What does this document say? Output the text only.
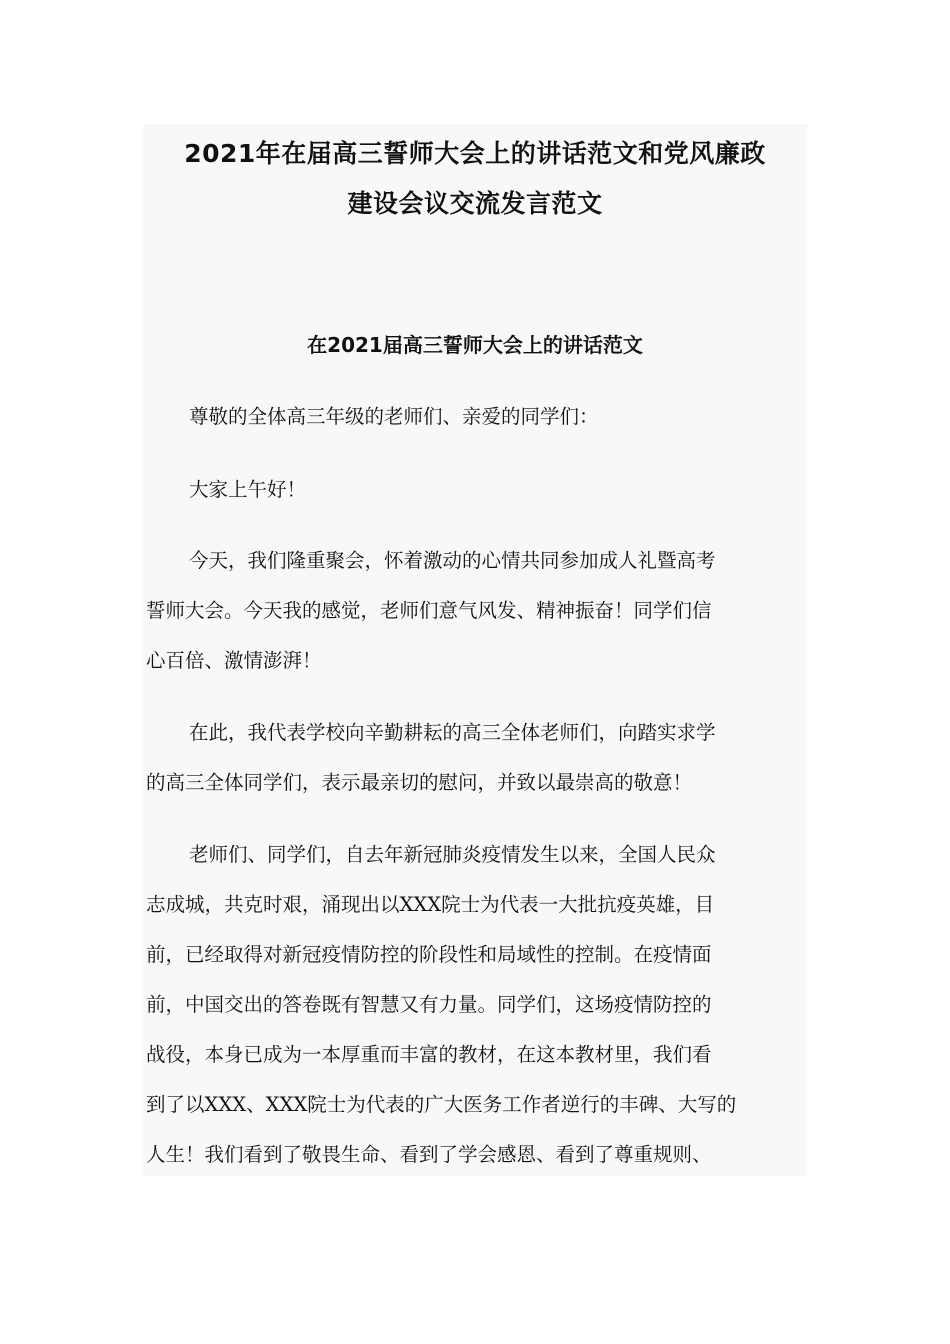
2021年在届高三誓师大会上的讲话范文和党风廉政
建设会议交流发言范文
在2021届高三誓师大会上的讲话范文
尊敬的全体高三年级的老师们、亲爱的同学们：
大家上午好！
今天，我们隆重聚会，怀着激动的心情共同参加成人礼暨高考
誓师大会。今天我的感觉，老师们意气风发、精神振奋！同学们信
心百倍、激情澎湃！
在此，我代表学校向辛勤耕耘的高三全体老师们，向踏实求学
的高三全体同学们，表示最亲切的慰问，并致以最崇高的敬意！
老师们、同学们，自去年新冠肺炎疫情发生以来，全国人民众
志成城，共克时艰，涌现出以XXX院士为代表一大批抗疫英雄，目
前，已经取得对新冠疫情防控的阶段性和局域性的控制。在疫情面
前，中国交出的答卷既有智慧又有力量。同学们，这场疫情防控的
战役，本身已成为一本厚重而丰富的教材，在这本教材里，我们看
到了以XXX、XXX院士为代表的广大医务工作者逆行的丰碑、大写的
人生！我们看到了敬畏生命、看到了学会感恩、看到了尊重规则、
